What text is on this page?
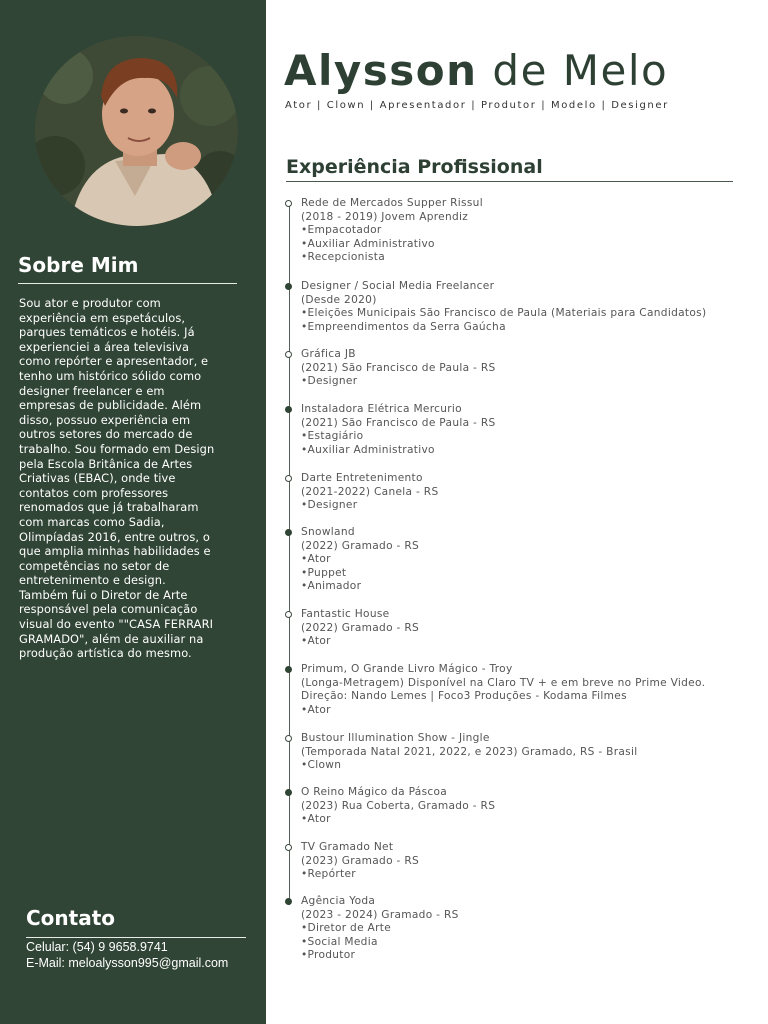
Sobre Mim
Sou ator e produtor com
experiência em espetáculos,
parques temáticos e hotéis. Já
experienciei a área televisiva
como repórter e apresentador, e
tenho um histórico sólido como
designer freelancer e em
empresas de publicidade. Além
disso, possuo experiência em
outros setores do mercado de
trabalho. Sou formado em Design
pela Escola Britânica de Artes
Criativas (EBAC), onde tive
contatos com professores
renomados que já trabalharam
com marcas como Sadia,
Olimpíadas 2016, entre outros, o
que amplia minhas habilidades e
competências no setor de
entretenimento e design.
Também fui o Diretor de Arte
responsável pela comunicação
visual do evento ""CASA FERRARI
GRAMADO", além de auxiliar na
produção artística do mesmo.
Contato
Celular: (54) 9 9658.9741
E-Mail: meloalysson995@gmail.com
Alysson de Melo
Ator | Clown | Apresentador | Produtor | Modelo | Designer
Experiência Profissional
Rede de Mercados Supper Rissul
(2018 - 2019) Jovem Aprendiz
•Empacotador
•Auxiliar Administrativo
•Recepcionista
Designer / Social Media Freelancer
(Desde 2020)
•Eleições Municipais São Francisco de Paula (Materiais para Candidatos)
•Empreendimentos da Serra Gaúcha
Gráfica JB
(2021) São Francisco de Paula - RS
•Designer
Instaladora Elétrica Mercurio
(2021) São Francisco de Paula - RS
•Estagiário
•Auxiliar Administrativo
Darte Entretenimento
(2021-2022) Canela - RS
•Designer
Snowland
(2022) Gramado - RS
•Ator
•Puppet
•Animador
Fantastic House
(2022) Gramado - RS
•Ator
Primum, O Grande Livro Mágico - Troy
(Longa-Metragem) Disponível na Claro TV + e em breve no Prime Video.
Direção: Nando Lemes | Foco3 Produções - Kodama Filmes
•Ator
Bustour Illumination Show - Jingle
(Temporada Natal 2021, 2022, e 2023) Gramado, RS - Brasil
•Clown
O Reino Mágico da Páscoa
(2023) Rua Coberta, Gramado - RS
•Ator
TV Gramado Net
(2023) Gramado - RS
•Repórter
Agência Yoda
(2023 - 2024) Gramado - RS
•Diretor de Arte
•Social Media
•Produtor
